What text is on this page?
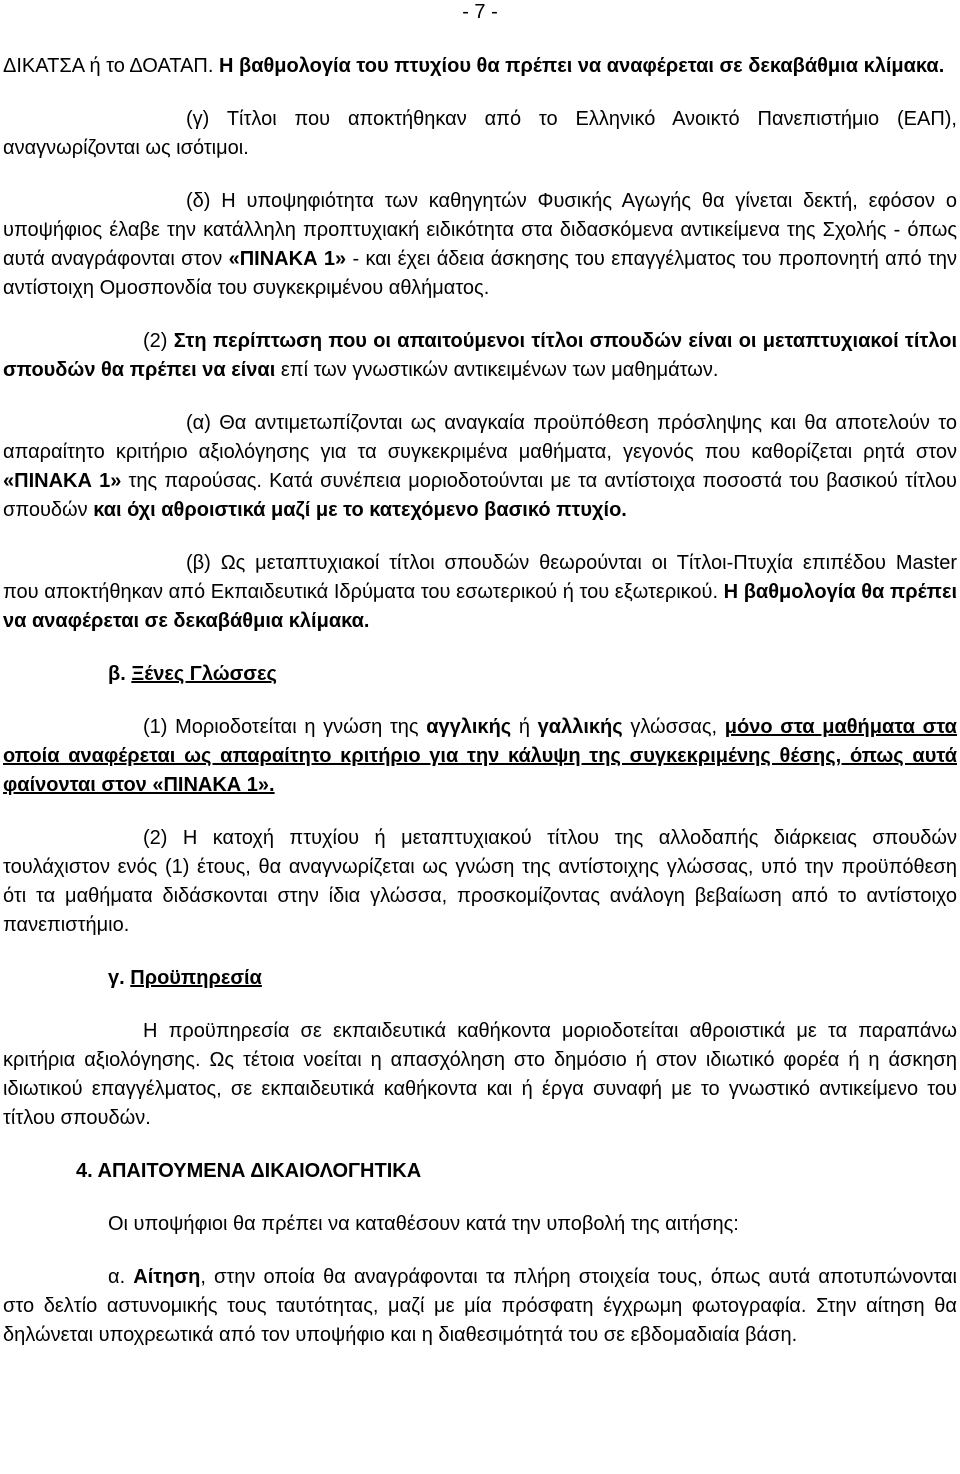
- 7 -

ΔΙΚΑΤΣΑ ή το ΔΟΑΤΑΠ. Η βαθμολογία του πτυχίου θα πρέπει να αναφέρεται σε δεκαβάθμια κλίμακα.

(γ) Τίτλοι που αποκτήθηκαν από το Ελληνικό Ανοικτό Πανεπιστήμιο (ΕΑΠ), αναγνωρίζονται ως ισότιμοι.

(δ) Η υποψηφιότητα των καθηγητών Φυσικής Αγωγής θα γίνεται δεκτή, εφόσον ο υποψήφιος έλαβε την κατάλληλη προπτυχιακή ειδικότητα στα διδασκόμενα αντικείμενα της Σχολής - όπως αυτά αναγράφονται στον «ΠΙΝΑΚΑ 1» - και έχει άδεια άσκησης του επαγγέλματος του προπονητή από την αντίστοιχη Ομοσπονδία του συγκεκριμένου αθλήματος.

(2) Στη περίπτωση που οι απαιτούμενοι τίτλοι σπουδών είναι οι μεταπτυχιακοί τίτλοι σπουδών θα πρέπει να είναι επί των γνωστικών αντικειμένων των μαθημάτων.

(α) Θα αντιμετωπίζονται ως αναγκαία προϋπόθεση πρόσληψης και θα αποτελούν το απαραίτητο κριτήριο αξιολόγησης για τα συγκεκριμένα μαθήματα, γεγονός που καθορίζεται ρητά στον «ΠΙΝΑΚΑ 1» της παρούσας. Κατά συνέπεια μοριοδοτούνται με τα αντίστοιχα ποσοστά του βασικού τίτλου σπουδών και όχι αθροιστικά μαζί με το κατεχόμενο βασικό πτυχίο.

(β) Ως μεταπτυχιακοί τίτλοι σπουδών θεωρούνται οι Τίτλοι-Πτυχία επιπέδου Master που αποκτήθηκαν από Εκπαιδευτικά Ιδρύματα του εσωτερικού ή του εξωτερικού. Η βαθμολογία θα πρέπει να αναφέρεται σε δεκαβάθμια κλίμακα.

β. Ξένες Γλώσσες

(1) Μοριοδοτείται η γνώση της αγγλικής ή γαλλικής γλώσσας, μόνο στα μαθήματα στα οποία αναφέρεται ως απαραίτητο κριτήριο για την κάλυψη της συγκεκριμένης θέσης, όπως αυτά φαίνονται στον «ΠΙΝΑΚΑ 1».

(2) Η κατοχή πτυχίου ή μεταπτυχιακού τίτλου της αλλοδαπής διάρκειας σπουδών τουλάχιστον ενός (1) έτους, θα αναγνωρίζεται ως γνώση της αντίστοιχης γλώσσας, υπό την προϋπόθεση ότι τα μαθήματα διδάσκονται στην ίδια γλώσσα, προσκομίζοντας ανάλογη βεβαίωση από το αντίστοιχο πανεπιστήμιο.

γ. Προϋπηρεσία

Η προϋπηρεσία σε εκπαιδευτικά καθήκοντα μοριοδοτείται αθροιστικά με τα παραπάνω κριτήρια αξιολόγησης. Ως τέτοια νοείται η απασχόληση στο δημόσιο ή στον ιδιωτικό φορέα ή η άσκηση ιδιωτικού επαγγέλματος, σε εκπαιδευτικά καθήκοντα και ή έργα συναφή με το γνωστικό αντικείμενο του τίτλου σπουδών.

4. ΑΠΑΙΤΟΥΜΕΝΑ ΔΙΚΑΙΟΛΟΓΗΤΙΚΑ

Οι υποψήφιοι θα πρέπει να καταθέσουν κατά την υποβολή της αιτήσης:

α. Αίτηση, στην οποία θα αναγράφονται τα πλήρη στοιχεία τους, όπως αυτά αποτυπώνονται στο δελτίο αστυνομικής τους ταυτότητας, μαζί με μία πρόσφατη έγχρωμη φωτογραφία. Στην αίτηση θα δηλώνεται υποχρεωτικά από τον υποψήφιο και η διαθεσιμότητά του σε εβδομαδιαία βάση.
